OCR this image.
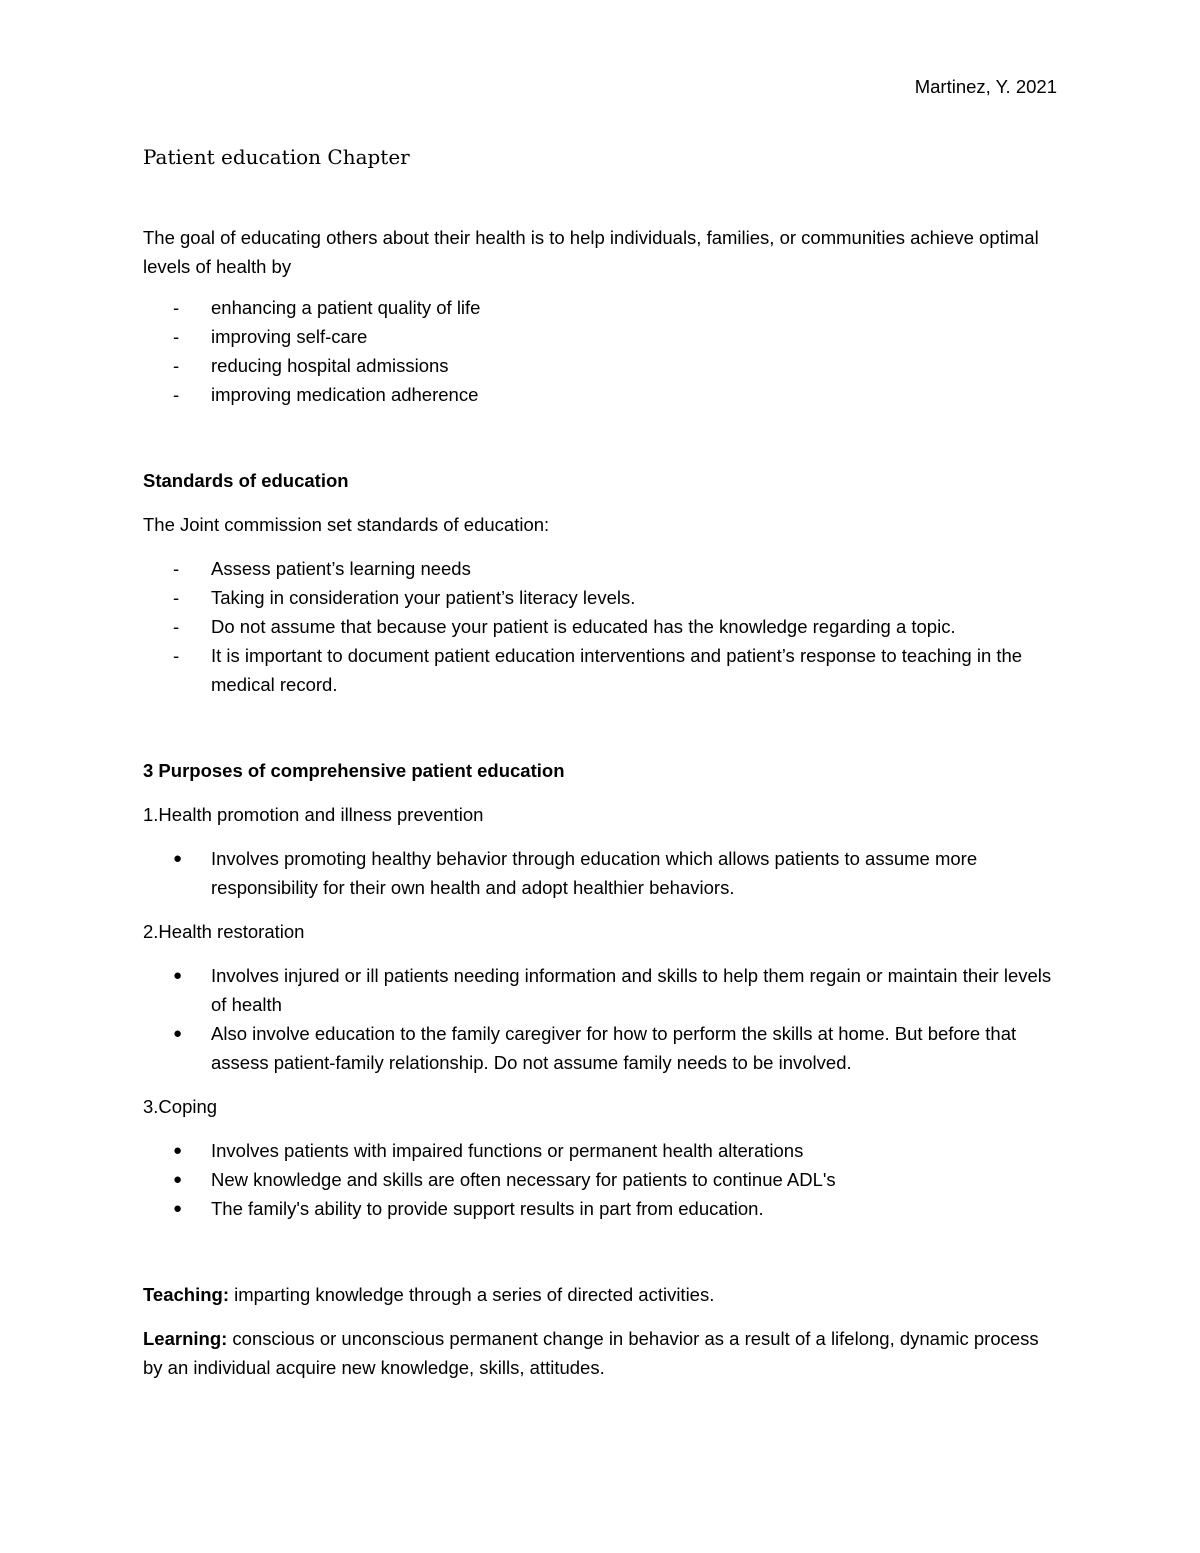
Martinez, Y. 2021
Patient education Chapter

The goal of educating others about their health is to help individuals, families, or communities achieve optimal levels of health by

-	enhancing a patient quality of life
-	improving self-care
-	reducing hospital admissions
-	improving medication adherence

Standards of education

The Joint commission set standards of education:

-	Assess patient’s learning needs
-	Taking in consideration your patient’s literacy levels.
-	Do not assume that because your patient is educated has the knowledge regarding a topic.
-	It is important to document patient education interventions and patient’s response to teaching in the medical record.

3 Purposes of comprehensive patient education

1.Health promotion and illness prevention

●	Involves promoting healthy behavior through education which allows patients to assume more responsibility for their own health and adopt healthier behaviors.

2.Health restoration

●	Involves injured or ill patients needing information and skills to help them regain or maintain their levels of health
●	Also involve education to the family caregiver for how to perform the skills at home. But before that assess patient-family relationship. Do not assume family needs to be involved.

3.Coping

●	Involves patients with impaired functions or permanent health alterations
●	New knowledge and skills are often necessary for patients to continue ADL's
●	The family's ability to provide support results in part from education.

Teaching: imparting knowledge through a series of directed activities.

Learning: conscious or unconscious permanent change in behavior as a result of a lifelong, dynamic process by an individual acquire new knowledge, skills, attitudes.
